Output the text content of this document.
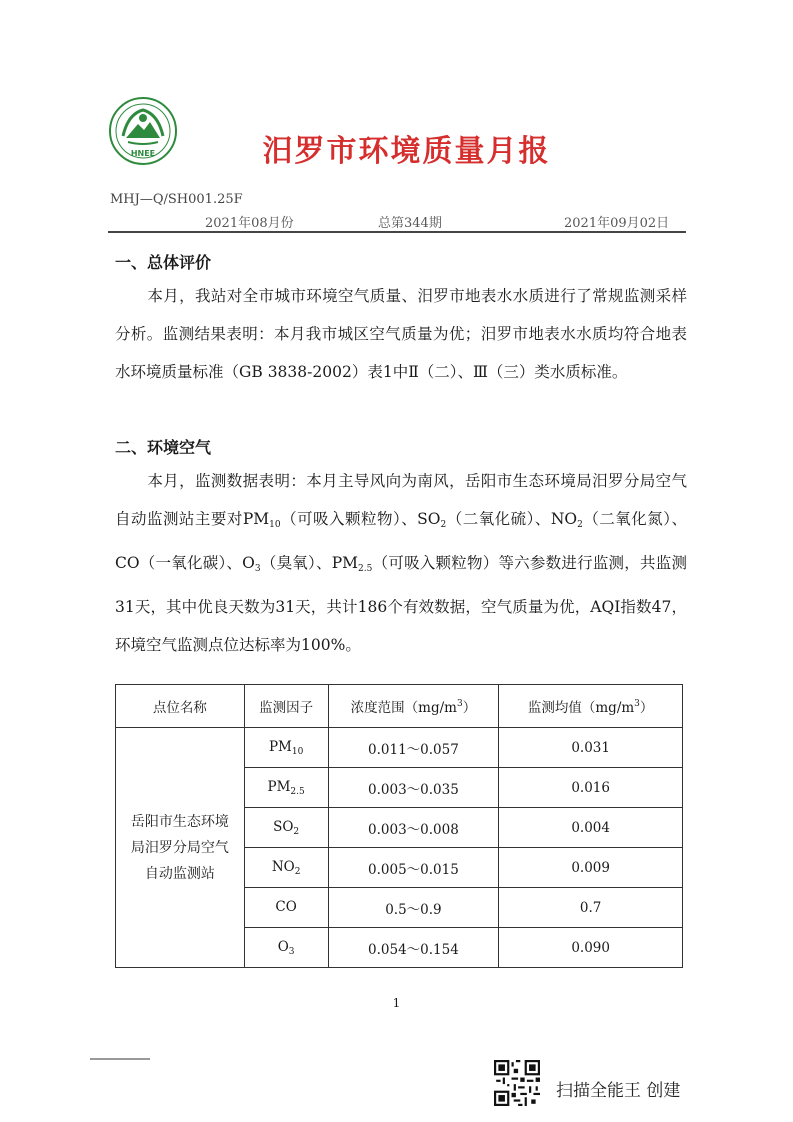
HNEE	汨罗市环境质量月报
MHJ—Q/SH001.25F
2021年08月份	总第344期	2021年09月02日
一、总体评价
本月，我站对全市城市环境空气质量、汨罗市地表水水质进行了常规监测采样分析。监测结果表明：本月我市城区空气质量为优；汨罗市地表水水质均符合地表水环境质量标准（GB 3838-2002）表1中Ⅱ（二）、Ⅲ（三）类水质标准。
二、环境空气
本月，监测数据表明：本月主导风向为南风，岳阳市生态环境局汨罗分局空气自动监测站主要对$PM_{10}$（可吸入颗粒物）、$SO_2$（二氧化硫）、$NO_2$（二氧化氮）、CO（一氧化碳）、$O_3$（臭氧）、$PM_{2.5}$（可吸入颗粒物）等六参数进行监测，共监测31天，其中优良天数为31天，共计186个有效数据，空气质量为优，AQI指数47，环境空气监测点位达标率为100%。
点位名称	监测因子	浓度范围$(mg/m^3)$	监测均值$(mg/m^3)$

岳阳市生态环境
局汨罗分局空气
自动监测站	$PM_{10}$	0.011～0.057	0.031
	$PM_{2.5}$	0.003～0.035	0.016
	$SO_2$	0.003～0.008	0.004
	$NO_2$	0.005～0.015	0.009
	CO	0.5～0.9	0.7
	$O_3$	0.054～0.154	0.090
1
扫描全能王 创建
